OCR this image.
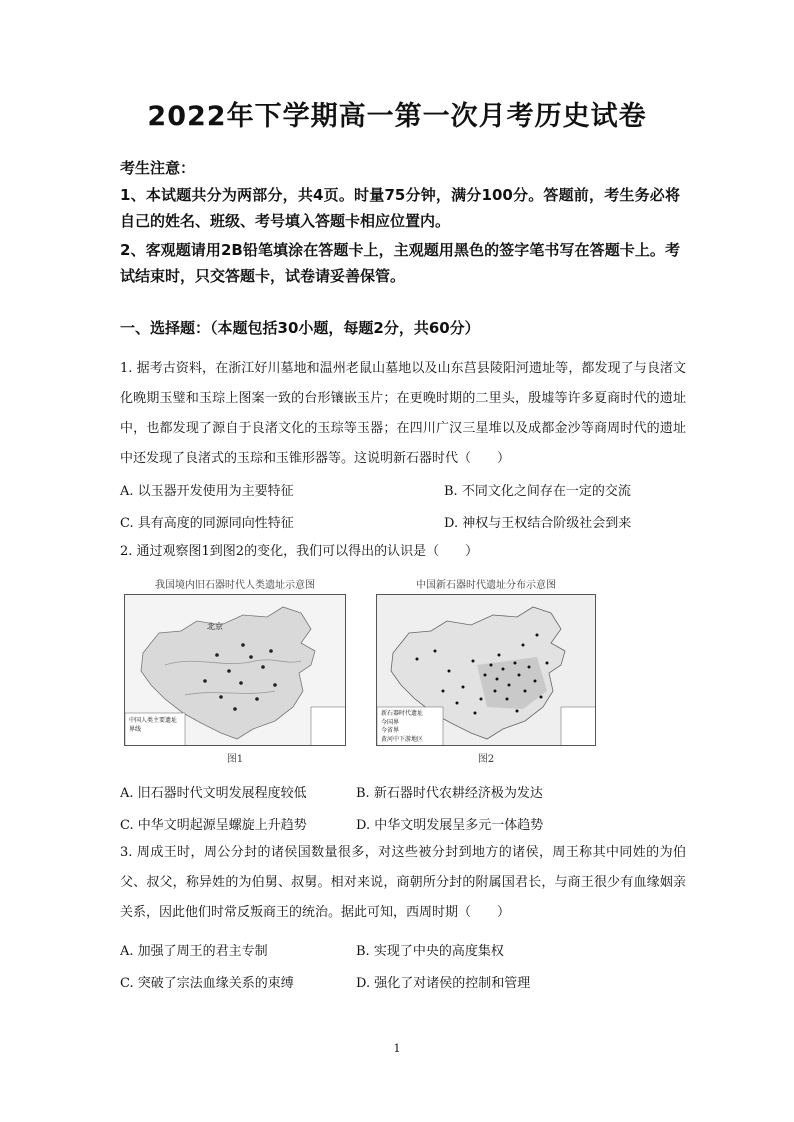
2022年下学期高一第一次月考历史试卷
考生注意：

1、本试题共分为两部分，共4页。时量75分钟，满分100分。答题前，考生务必将自己的姓名、班级、考号填入答题卡相应位置内。

2、客观题请用2B铅笔填涂在答题卡上，主观题用黑色的签字笔书写在答题卡上。考试结束时，只交答题卡，试卷请妥善保管。

一、选择题：（本题包括30小题，每题2分，共60分）
1. 据考古资料，在浙江好川墓地和温州老鼠山墓地以及山东莒县陵阳河遗址等，都发现了与良渚文化晚期玉璧和玉琮上图案一致的台形镶嵌玉片；在更晚时期的二里头，殷墟等许多夏商时代的遗址中，也都发现了源自于良渚文化的玉琮等玉器；在四川广汉三星堆以及成都金沙等商周时代的遗址中还发现了良渚式的玉琮和玉锥形器等。这说明新石器时代（　　）
A. 以玉器开发使用为主要特征	B. 不同文化之间存在一定的交流
C. 具有高度的同源同向性特征	D. 神权与王权结合阶级社会到来
2. 通过观察图1到图2的变化，我们可以得出的认识是（　　）
我国境内旧石器时代人类遗址示意图
北京
中国人类主要遗址
界线
图1
中国新石器时代遗址分布示意图
新石器时代遗址
今国界
今省界
黄河中下游地区
图2
A. 旧石器时代文明发展程度较低	B. 新石器时代农耕经济极为发达
C. 中华文明起源呈螺旋上升趋势	D. 中华文明发展呈多元一体趋势
3. 周成王时，周公分封的诸侯国数量很多，对这些被分封到地方的诸侯，周王称其中同姓的为伯父、叔父，称异姓的为伯舅、叔舅。相对来说，商朝所分封的附属国君长，与商王很少有血缘姻亲关系，因此他们时常反叛商王的统治。据此可知，西周时期（　　）
A. 加强了周王的君主专制	B. 实现了中央的高度集权
C. 突破了宗法血缘关系的束缚	D. 强化了对诸侯的控制和管理
1
